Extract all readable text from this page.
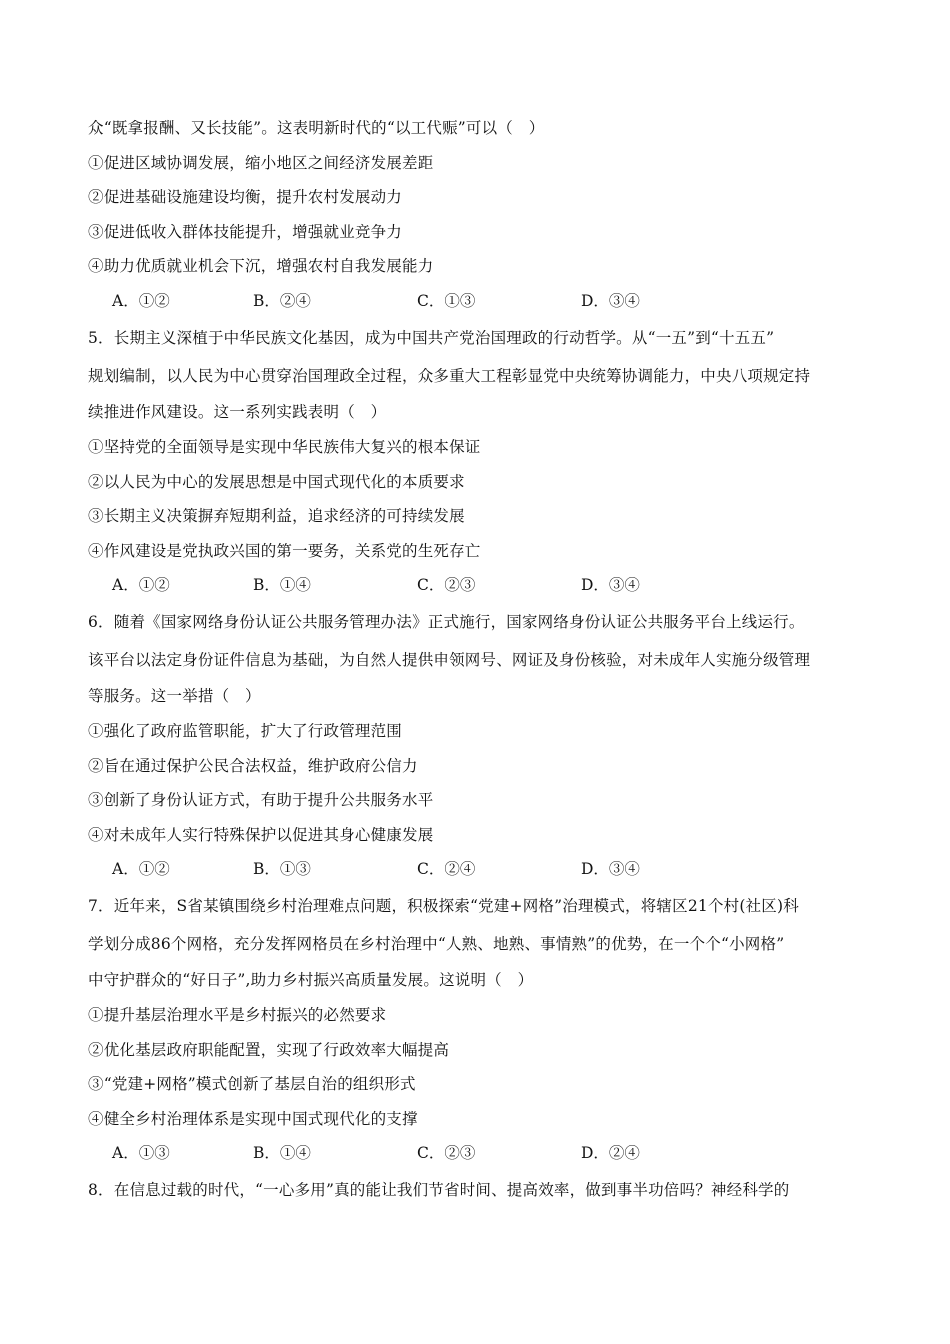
众“既拿报酬、又长技能”。这表明新时代的“以工代赈”可以（　）
①促进区域协调发展，缩小地区之间经济发展差距
②促进基础设施建设均衡，提升农村发展动力
③促进低收入群体技能提升，增强就业竞争力
④助力优质就业机会下沉，增强农村自我发展能力
A．①②	B．②④	C．①③	D．③④
5．长期主义深植于中华民族文化基因，成为中国共产党治国理政的行动哲学。从“一五”到“十五五”
规划编制，以人民为中心贯穿治国理政全过程，众多重大工程彰显党中央统筹协调能力，中央八项规定持
续推进作风建设。这一系列实践表明（　）
①坚持党的全面领导是实现中华民族伟大复兴的根本保证
②以人民为中心的发展思想是中国式现代化的本质要求
③长期主义决策摒弃短期利益，追求经济的可持续发展
④作风建设是党执政兴国的第一要务，关系党的生死存亡
A．①②	B．①④	C．②③	D．③④
6．随着《国家网络身份认证公共服务管理办法》正式施行，国家网络身份认证公共服务平台上线运行。
该平台以法定身份证件信息为基础，为自然人提供申领网号、网证及身份核验，对未成年人实施分级管理
等服务。这一举措（　）
①强化了政府监管职能，扩大了行政管理范围
②旨在通过保护公民合法权益，维护政府公信力
③创新了身份认证方式，有助于提升公共服务水平
④对未成年人实行特殊保护以促进其身心健康发展
A．①②	B．①③	C．②④	D．③④
7．近年来，S省某镇围绕乡村治理难点问题，积极探索“党建+网格”治理模式，将辖区21个村(社区)科
学划分成86个网格，充分发挥网格员在乡村治理中“人熟、地熟、事情熟”的优势，在一个个“小网格”
中守护群众的“好日子”,助力乡村振兴高质量发展。这说明（　）
①提升基层治理水平是乡村振兴的必然要求
②优化基层政府职能配置，实现了行政效率大幅提高
③“党建+网格”模式创新了基层自治的组织形式
④健全乡村治理体系是实现中国式现代化的支撑
A．①③	B．①④	C．②③	D．②④
8．在信息过载的时代，“一心多用”真的能让我们节省时间、提高效率，做到事半功倍吗？神经科学的
